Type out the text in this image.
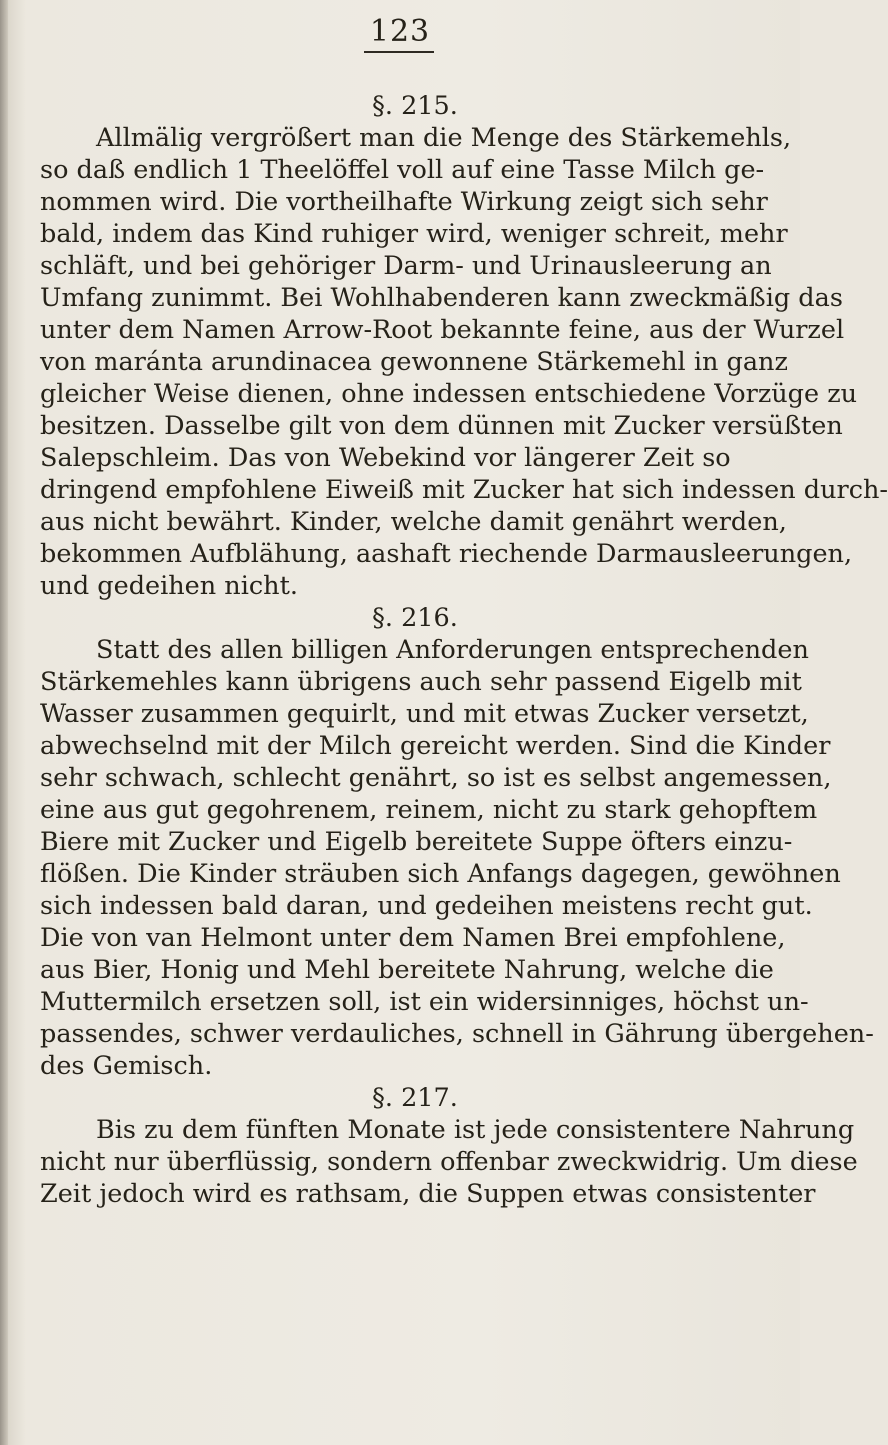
123
§. 215.
Allmälig vergrößert man die Menge des Stärkemehls,
so daß endlich 1 Theelöffel voll auf eine Tasse Milch ge-
nommen wird. Die vortheilhafte Wirkung zeigt sich sehr
bald, indem das Kind ruhiger wird, weniger schreit, mehr
schläft, und bei gehöriger Darm- und Urinausleerung an
Umfang zunimmt. Bei Wohlhabenderen kann zweckmäßig das
unter dem Namen Arrow-Root bekannte feine, aus der Wurzel
von maránta arundinacea gewonnene Stärkemehl in ganz
gleicher Weise dienen, ohne indessen entschiedene Vorzüge zu
besitzen. Dasselbe gilt von dem dünnen mit Zucker versüßten
Salepschleim. Das von Webekind vor längerer Zeit so
dringend empfohlene Eiweiß mit Zucker hat sich indessen durch-
aus nicht bewährt. Kinder, welche damit genährt werden,
bekommen Aufblähung, aashaft riechende Darmausleerungen,
und gedeihen nicht.
§. 216.
Statt des allen billigen Anforderungen entsprechenden
Stärkemehles kann übrigens auch sehr passend Eigelb mit
Wasser zusammen gequirlt, und mit etwas Zucker versetzt,
abwechselnd mit der Milch gereicht werden. Sind die Kinder
sehr schwach, schlecht genährt, so ist es selbst angemessen,
eine aus gut gegohrenem, reinem, nicht zu stark gehopftem
Biere mit Zucker und Eigelb bereitete Suppe öfters einzu-
flößen. Die Kinder sträuben sich Anfangs dagegen, gewöhnen
sich indessen bald daran, und gedeihen meistens recht gut.
Die von van Helmont unter dem Namen Brei empfohlene,
aus Bier, Honig und Mehl bereitete Nahrung, welche die
Muttermilch ersetzen soll, ist ein widersinniges, höchst un-
passendes, schwer verdauliches, schnell in Gährung übergehen-
des Gemisch.
§. 217.
Bis zu dem fünften Monate ist jede consistentere Nahrung
nicht nur überflüssig, sondern offenbar zweckwidrig. Um diese
Zeit jedoch wird es rathsam, die Suppen etwas consistenter
